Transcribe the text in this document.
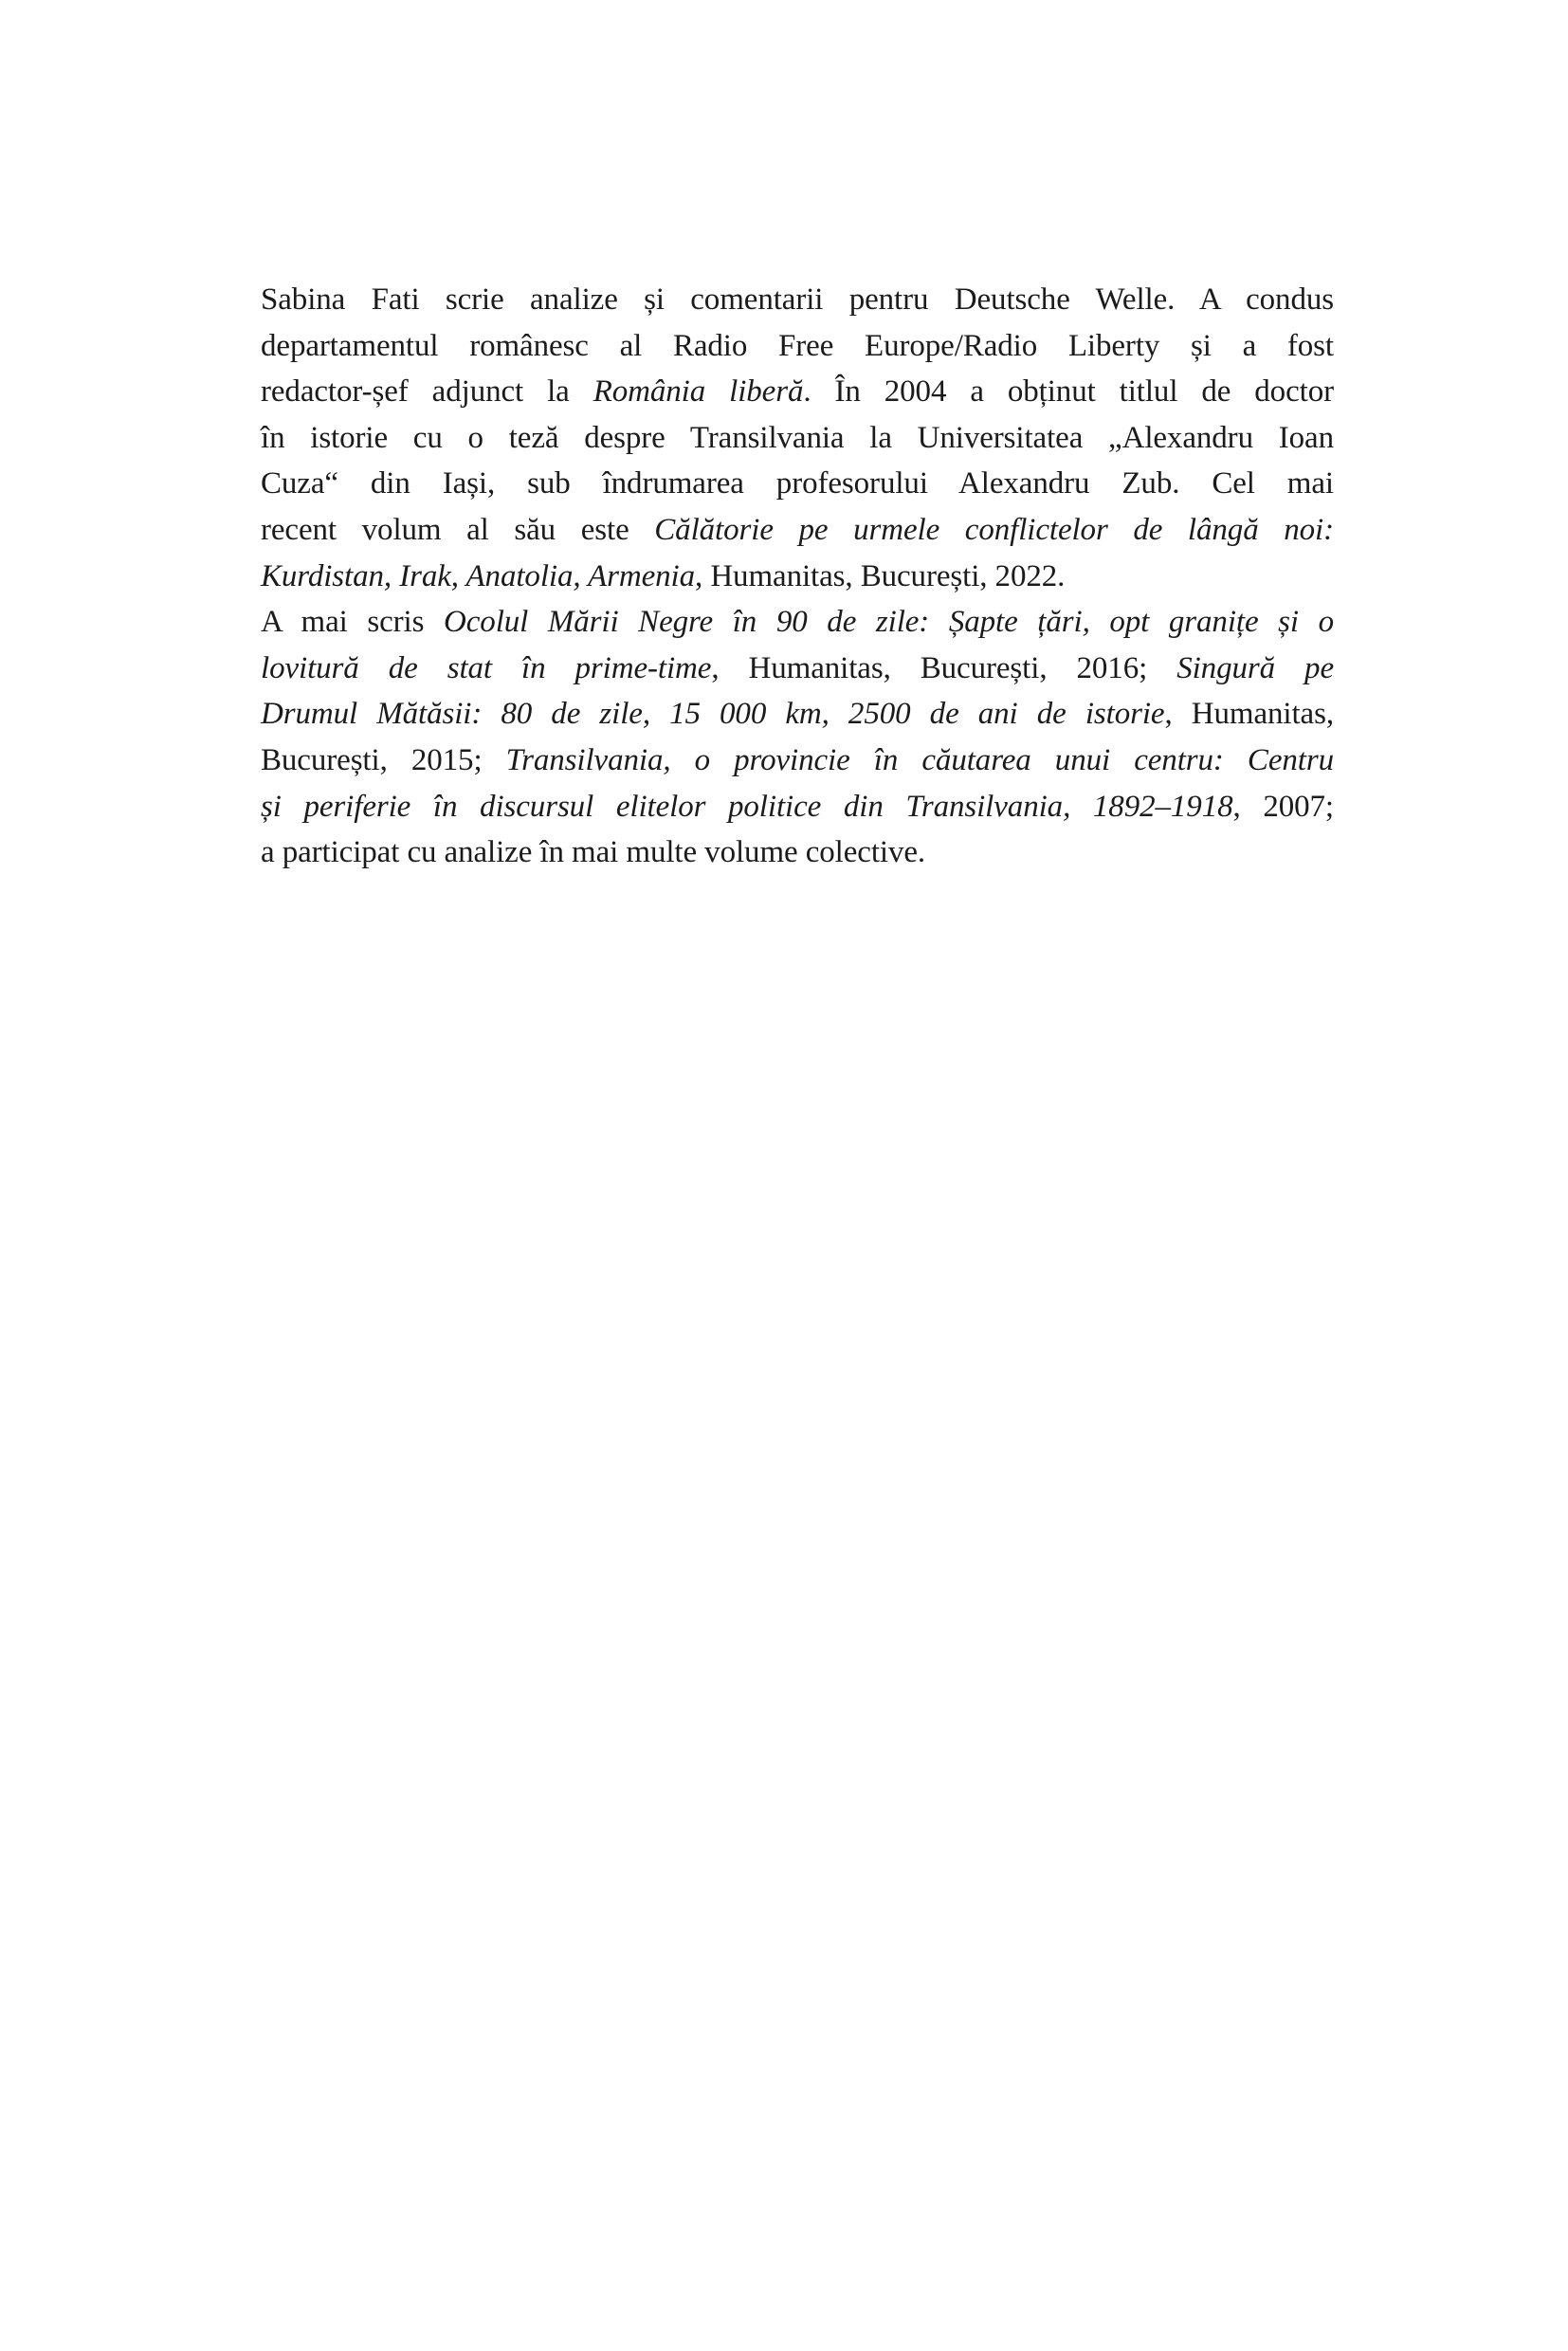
Sabina Fati scrie analize și comentarii pentru Deutsche Welle. A condus
departamentul românesc al Radio Free Europe/Radio Liberty și a fost
redactor-șef adjunct la România liberă. În 2004 a obținut titlul de doctor
în istorie cu o teză despre Transilvania la Universitatea „Alexandru Ioan
Cuza“ din Iași, sub îndrumarea profesorului Alexandru Zub. Cel mai
recent volum al său este Călătorie pe urmele conflictelor de lângă noi:
Kurdistan, Irak, Anatolia, Armenia, Humanitas, București, 2022.
A mai scris Ocolul Mării Negre în 90 de zile: Șapte țări, opt granițe și o
lovitură de stat în prime-time, Humanitas, București, 2016; Singură pe
Drumul Mătăsii: 80 de zile, 15 000 km, 2500 de ani de istorie, Humanitas,
București, 2015; Transilvania, o provincie în căutarea unui centru: Centru
și periferie în discursul elitelor politice din Transilvania, 1892–1918, 2007;
a participat cu analize în mai multe volume colective.
